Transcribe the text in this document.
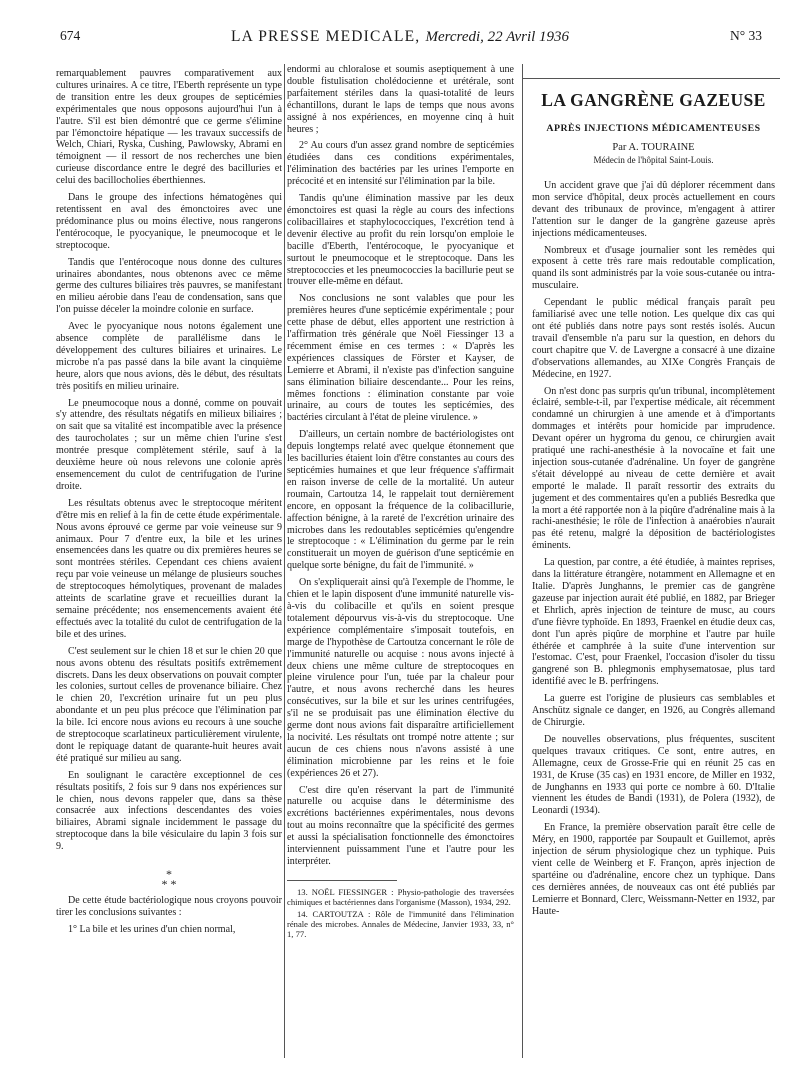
674	LA PRESSE MEDICALE, Mercredi, 22 Avril 1936	N° 33

remarquablement pauvres comparativement aux cultures urinaires. A ce titre, l'Eberth représente un type de transition entre les deux groupes de septicémies expérimentales que nous opposons aujourd'hui l'un à l'autre. S'il est bien démontré que ce germe s'élimine par l'émonctoire hépatique — les travaux successifs de Welch, Chiari, Ryska, Cushing, Pawlowsky, Abrami en témoignent — il ressort de nos recherches une bien curieuse discordance entre le degré des bacilluries et celui des bacillocholies éberthiennes.

Dans le groupe des infections hématogènes qui retentissent en aval des émonctoires avec une prédominance plus ou moins élective, nous rangerons l'entérocoque, le pyocyanique, le pneumocoque et le streptocoque.

Tandis que l'entérocoque nous donne des cultures urinaires abondantes, nous obtenons avec ce même germe des cultures biliaires très pauvres, se manifestant en milieu aérobie dans l'eau de condensation, sans que l'on puisse déceler la moindre colonie en surface.

Avec le pyocyanique nous notons également une absence complète de parallélisme dans le développement des cultures biliaires et urinaires. Le microbe n'a pas passé dans la bile avant la cinquième heure, alors que nous avions, dès le début, des résultats très positifs en milieu urinaire.

Le pneumocoque nous a donné, comme on pouvait s'y attendre, des résultats négatifs en milieux biliaires ; on sait que sa vitalité est incompatible avec la présence des taurocholates ; sur un même chien l'urine s'est montrée presque complètement stérile, sauf à la deuxième heure où nous relevons une colonie après ensemencement du culot de centrifugation de l'urine droite.

Les résultats obtenus avec le streptocoque méritent d'être mis en relief à la fin de cette étude expérimentale. Nous avons éprouvé ce germe par voie veineuse sur 9 animaux. Pour 7 d'entre eux, la bile et les urines ensemencées dans les quatre ou dix premières heures se sont montrées stériles. Cependant ces chiens avaient reçu par voie veineuse un mélange de plusieurs souches de streptocoques hémolytiques, provenant de malades atteints de scarlatine grave et recueillies durant la semaine précédente; nos ensemencements avaient été effectués avec la totalité du culot de centrifugation de la bile et des urines.

C'est seulement sur le chien 18 et sur le chien 20 que nous avons obtenu des résultats positifs extrêmement discrets. Dans les deux observations on pouvait compter les colonies, surtout celles de provenance biliaire. Chez le chien 20, l'excrétion urinaire fut un peu plus abondante et un peu plus précoce que l'élimination par la bile. Ici encore nous avions eu recours à une souche de streptocoque scarlatineux particulièrement virulente, dont le repiquage datant de quarante-huit heures avait été pratiqué sur milieu au sang.

En soulignant le caractère exceptionnel de ces résultats positifs, 2 fois sur 9 dans nos expériences sur le chien, nous devons rappeler que, dans sa thèse consacrée aux infections descendantes des voies biliaires, Abrami signale incidemment le passage du streptocoque dans la bile vésiculaire du lapin 3 fois sur 9.

*
* *

De cette étude bactériologique nous croyons pouvoir tirer les conclusions suivantes :

1° La bile et les urines d'un chien normal,

endormi au chloralose et soumis aseptiquement à une double fistulisation cholédocienne et urétérale, sont parfaitement stériles dans la quasi-totalité de leurs échantillons, durant le laps de temps que nous avons assigné à nos expériences, en moyenne cinq à huit heures ;

2° Au cours d'un assez grand nombre de septicémies étudiées dans ces conditions expérimentales, l'élimination des bactéries par les urines l'emporte en précocité et en intensité sur l'élimination par la bile.

Tandis qu'une élimination massive par les deux émonctoires est quasi la règle au cours des infections colibacillaires et staphylococciques, l'excrétion tend à devenir élective au profit du rein lorsqu'on emploie le bacille d'Eberth, l'entérocoque, le pyocyanique et surtout le pneumocoque et le streptocoque. Dans les streptococcies et les pneumococcies la bacillurie peut se trouver elle-même en défaut.

Nos conclusions ne sont valables que pour les premières heures d'une septicémie expérimentale ; pour cette phase de début, elles apportent une restriction à l'affirmation très générale que Noël Fiessinger 13 a récemment émise en ces termes : « D'après les expériences classiques de Förster et Kayser, de Lemierre et Abrami, il n'existe pas d'infection sanguine sans élimination biliaire descendante... Pour les reins, mêmes fonctions : élimination constante par voie urinaire, au cours de toutes les septicémies, des bactéries circulant à l'état de pleine virulence. »

D'ailleurs, un certain nombre de bactériologistes ont depuis longtemps relaté avec quelque étonnement que les bacilluries étaient loin d'être constantes au cours des septicémies humaines et que leur fréquence s'affirmait en raison inverse de celle de la mortalité. Un auteur roumain, Cartoutza 14, le rappelait tout dernièrement encore, en opposant la fréquence de la colibacillurie, affection bénigne, à la rareté de l'excrétion urinaire des microbes dans les redoutables septicémies qu'engendre le streptocoque : « L'élimination du germe par le rein constituerait un moyen de guérison d'une septicémie en quelque sorte bénigne, du fait de l'immunité. »

On s'expliquerait ainsi qu'à l'exemple de l'homme, le chien et le lapin disposent d'une immunité naturelle vis-à-vis du colibacille et qu'ils en soient presque totalement dépourvus vis-à-vis du streptocoque. Une expérience complémentaire s'imposait toutefois, en marge de l'hypothèse de Cartoutza concernant le rôle de l'immunité naturelle ou acquise : nous avons injecté à deux chiens une même culture de streptocoques en pleine virulence pour l'un, tuée par la chaleur pour l'autre, et nous avons recherché dans les heures consécutives, sur la bile et sur les urines centrifugées, s'il ne se produisait pas une élimination élective du germe dont nous avions fait disparaître artificiellement la nocivité. Les résultats ont trompé notre attente ; sur aucun de ces chiens nous n'avons assisté à une élimination microbienne par les reins et le foie (expériences 26 et 27).

C'est dire qu'en réservant la part de l'immunité naturelle ou acquise dans le déterminisme des excrétions bactériennes expérimentales, nous devons tout au moins reconnaître que la spécificité des germes et aussi la spécialisation fonctionnelle des émonctoires interviennent puissamment l'une et l'autre pour les interpréter.

13. NOËL FIESSINGER : Physio-pathologie des traversées chimiques et bactériennes dans l'organisme (Masson), 1934, 292.

14. CARTOUTZA : Rôle de l'immunité dans l'élimination rénale des microbes. Annales de Médecine, Janvier 1933, 33, n° 1, 77.

LA GANGRÈNE GAZEUSE
APRÈS INJECTIONS MÉDICAMENTEUSES
Par A. TOURAINE
Médecin de l'hôpital Saint-Louis.

Un accident grave que j'ai dû déplorer récemment dans mon service d'hôpital, deux procès actuellement en cours devant des tribunaux de province, m'engagent à attirer l'attention sur le danger de la gangrène gazeuse après injections médicamenteuses.

Nombreux et d'usage journalier sont les remèdes qui exposent à cette très rare mais redoutable complication, quand ils sont administrés par la voie sous-cutanée ou intra-musculaire.

Cependant le public médical français paraît peu familiarisé avec une telle notion. Les quelque dix cas qui ont été publiés dans notre pays sont restés isolés. Aucun travail d'ensemble n'a paru sur la question, en dehors du court chapitre que V. de Lavergne a consacré à une dizaine d'observations allemandes, au XIXe Congrès Français de Médecine, en 1927.

On n'est donc pas surpris qu'un tribunal, incomplètement éclairé, semble-t-il, par l'expertise médicale, ait récemment condamné un chirurgien à une amende et à d'importants dommages et intérêts pour homicide par imprudence. Devant opérer un hygroma du genou, ce chirurgien avait pratiqué une rachi-anesthésie à la novocaïne et fait une injection sous-cutanée d'adrénaline. Un foyer de gangrène s'était développé au niveau de cette dernière et avait emporté le malade. Il paraît ressortir des extraits du jugement et des commentaires qu'en a publiés Besredka que la mort a été rapportée non à la piqûre d'adrénaline mais à la rachi-anesthésie; le rôle de l'infection à anaérobies n'aurait pas été retenu, malgré la déposition de bactériologistes éminents.

La question, par contre, a été étudiée, à maintes reprises, dans la littérature étrangère, notamment en Allemagne et en Italie. D'après Junghanns, le premier cas de gangrène gazeuse par injection aurait été publié, en 1882, par Brieger et Ehrlich, après injection de teinture de musc, au cours d'une fièvre typhoïde. En 1893, Fraenkel en étudie deux cas, dont l'un après piqûre de morphine et l'autre par huile éthérée et camphrée à la suite d'une intervention sur l'estomac. C'est, pour Fraenkel, l'occasion d'isoler du tissu gangrené son B. phlegmonis emphysematosae, plus tard identifié avec le B. perfringens.

La guerre est l'origine de plusieurs cas semblables et Anschütz signale ce danger, en 1926, au Congrès allemand de Chirurgie.

De nouvelles observations, plus fréquentes, suscitent quelques travaux critiques. Ce sont, entre autres, en Allemagne, ceux de Grosse-Frie qui en réunit 25 cas en 1931, de Kruse (35 cas) en 1931 encore, de Miller en 1932, de Junghanns en 1933 qui porte ce nombre à 60. D'Italie viennent les études de Bandi (1931), de Polera (1932), de Leonardi (1934).

En France, la première observation paraît être celle de Méry, en 1900, rapportée par Soupault et Guillemot, après injection de sérum physiologique chez un typhique. Puis vient celle de Weinberg et F. Françon, après injection de spartéine ou d'adrénaline, encore chez un typhique. Dans ces dernières années, de nouveaux cas ont été publiés par Lemierre et Bonnard, Clerc, Weissmann-Netter en 1932, par Haute-
